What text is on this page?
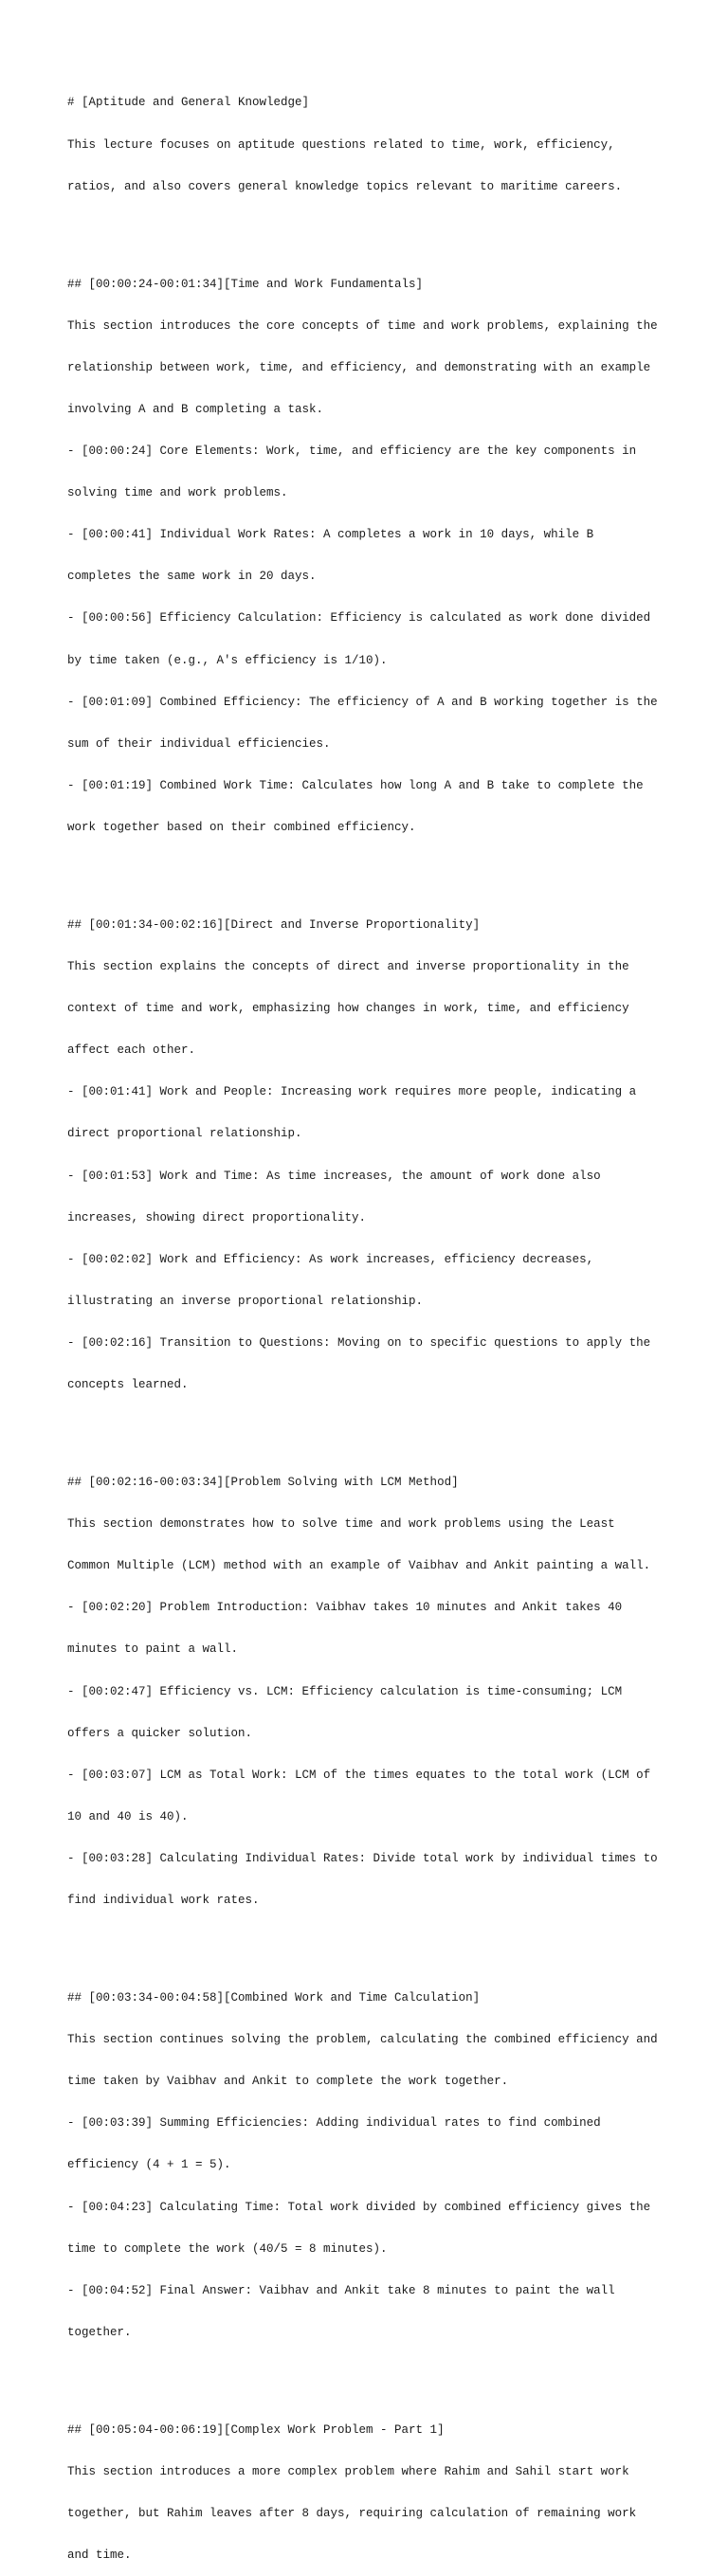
# [Aptitude and General Knowledge]

This lecture focuses on aptitude questions related to time, work, efficiency,

ratios, and also covers general knowledge topics relevant to maritime careers.

## [00:00:24-00:01:34][Time and Work Fundamentals]

This section introduces the core concepts of time and work problems, explaining the

relationship between work, time, and efficiency, and demonstrating with an example

involving A and B completing a task.

- [00:00:24] Core Elements: Work, time, and efficiency are the key components in

solving time and work problems.

- [00:00:41] Individual Work Rates: A completes a work in 10 days, while B

completes the same work in 20 days.

- [00:00:56] Efficiency Calculation: Efficiency is calculated as work done divided

by time taken (e.g., A's efficiency is 1/10).

- [00:01:09] Combined Efficiency: The efficiency of A and B working together is the

sum of their individual efficiencies.

- [00:01:19] Combined Work Time: Calculates how long A and B take to complete the

work together based on their combined efficiency.

## [00:01:34-00:02:16][Direct and Inverse Proportionality]

This section explains the concepts of direct and inverse proportionality in the

context of time and work, emphasizing how changes in work, time, and efficiency

affect each other.

- [00:01:41] Work and People: Increasing work requires more people, indicating a

direct proportional relationship.

- [00:01:53] Work and Time: As time increases, the amount of work done also

increases, showing direct proportionality.

- [00:02:02] Work and Efficiency: As work increases, efficiency decreases,

illustrating an inverse proportional relationship.

- [00:02:16] Transition to Questions: Moving on to specific questions to apply the

concepts learned.

## [00:02:16-00:03:34][Problem Solving with LCM Method]

This section demonstrates how to solve time and work problems using the Least

Common Multiple (LCM) method with an example of Vaibhav and Ankit painting a wall.

- [00:02:20] Problem Introduction: Vaibhav takes 10 minutes and Ankit takes 40

minutes to paint a wall.

- [00:02:47] Efficiency vs. LCM: Efficiency calculation is time-consuming; LCM

offers a quicker solution.

- [00:03:07] LCM as Total Work: LCM of the times equates to the total work (LCM of

10 and 40 is 40).

- [00:03:28] Calculating Individual Rates: Divide total work by individual times to

find individual work rates.

## [00:03:34-00:04:58][Combined Work and Time Calculation]

This section continues solving the problem, calculating the combined efficiency and

time taken by Vaibhav and Ankit to complete the work together.

- [00:03:39] Summing Efficiencies: Adding individual rates to find combined

efficiency (4 + 1 = 5).

- [00:04:23] Calculating Time: Total work divided by combined efficiency gives the

time to complete the work (40/5 = 8 minutes).

- [00:04:52] Final Answer: Vaibhav and Ankit take 8 minutes to paint the wall

together.

## [00:05:04-00:06:19][Complex Work Problem - Part 1]

This section introduces a more complex problem where Rahim and Sahil start work

together, but Rahim leaves after 8 days, requiring calculation of remaining work

and time.
